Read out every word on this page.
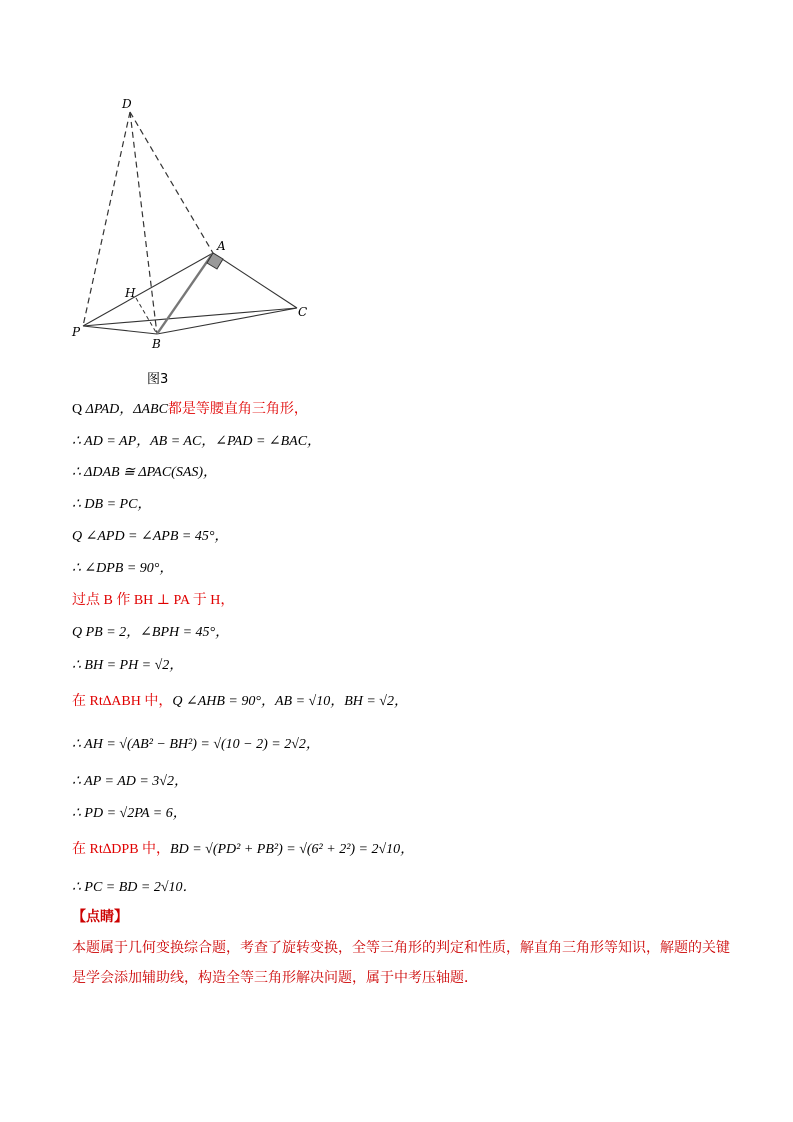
D
A
H
P
B
C
图3
Q ΔPAD，ΔABC都是等腰直角三角形，
∴ AD = AP，AB = AC，∠PAD = ∠BAC，
∴ ΔDAB ≅ ΔPAC(SAS)，
∴ DB = PC，
Q ∠APD = ∠APB = 45°，
∴ ∠DPB = 90°，
过点 B 作 BH ⊥ PA 于 H，
Q PB = 2，∠BPH = 45°，
∴ BH = PH = √2，
在 Rt∆ABH 中，Q ∠AHB = 90°，AB = √10，BH = √2，
∴ AH = √(AB² − BH²) = √(10 − 2) = 2√2，
∴ AP = AD = 3√2，
∴ PD = √2PA = 6，
在 Rt∆DPB 中，BD = √(PD² + PB²) = √(6² + 2²) = 2√10，
∴ PC = BD = 2√10．
【点睛】
本题属于几何变换综合题，考查了旋转变换，全等三角形的判定和性质，解直角三角形等知识，解题的关键是学会添加辅助线，构造全等三角形解决问题，属于中考压轴题．
